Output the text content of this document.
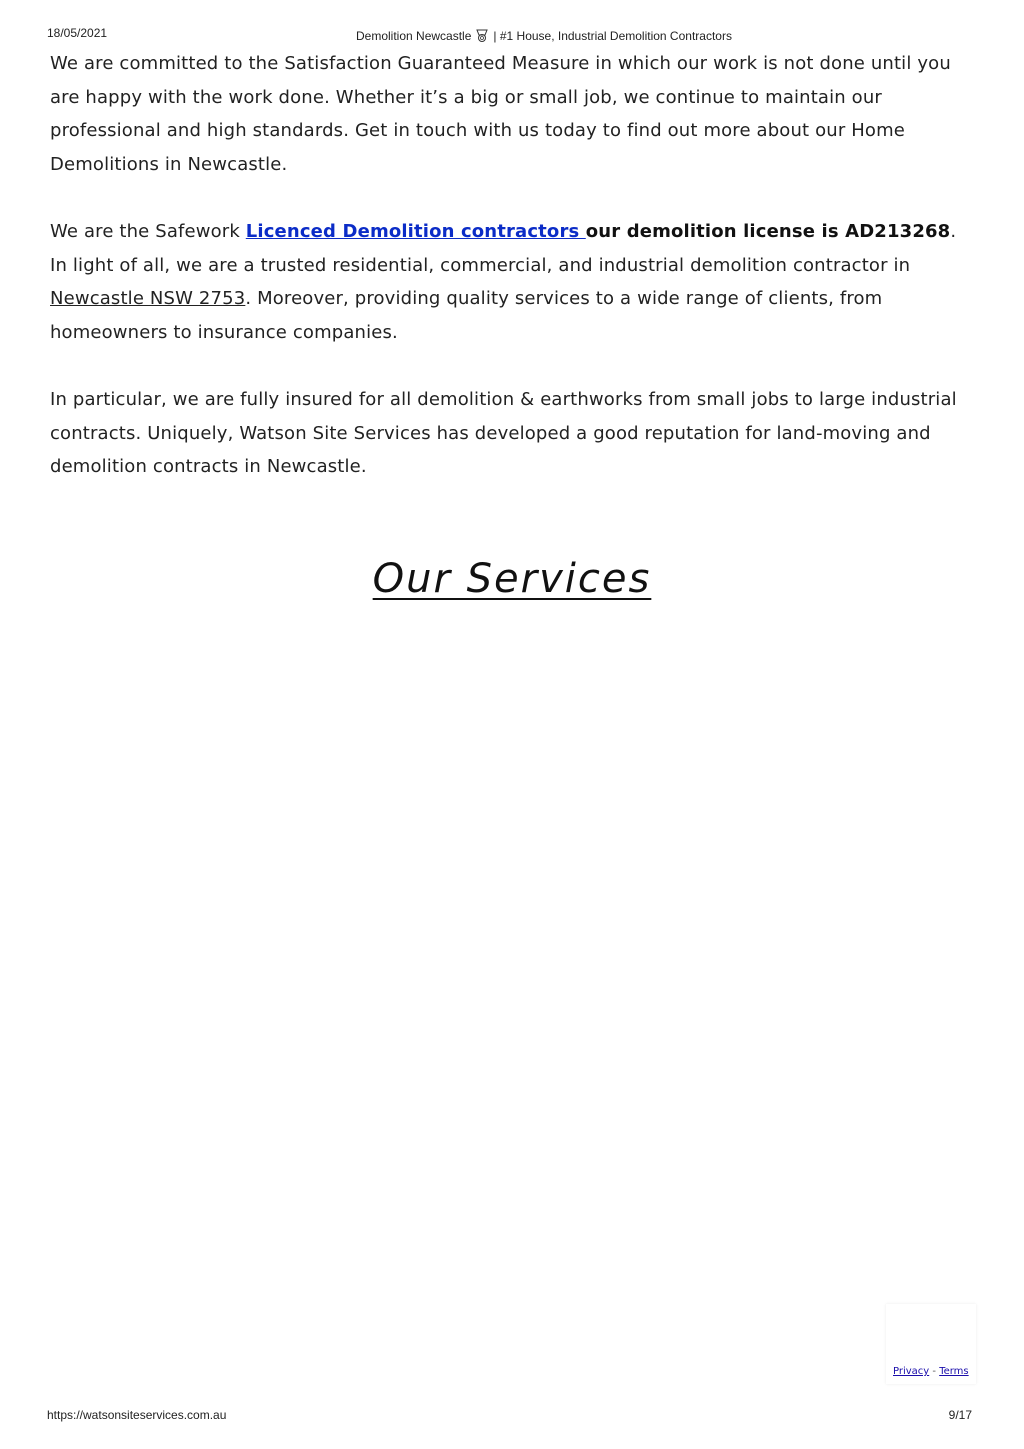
18/05/2021	Demolition Newcastle | #1 House, Industrial Demolition Contractors

We are committed to the Satisfaction Guaranteed Measure in which our work is not done until you are happy with the work done. Whether it’s a big or small job, we continue to maintain our professional and high standards. Get in touch with us today to find out more about our Home Demolitions in Newcastle.

We are the Safework Licenced Demolition contractors our demolition license is AD213268. In light of all, we are a trusted residential, commercial, and industrial demolition contractor in Newcastle NSW 2753. Moreover, providing quality services to a wide range of clients, from homeowners to insurance companies.

In particular, we are fully insured for all demolition & earthworks from small jobs to large industrial contracts. Uniquely, Watson Site Services has developed a good reputation for land-moving and demolition contracts in Newcastle.

Our Services
Privacy - Terms
https://watsonsiteservices.com.au	9/17
